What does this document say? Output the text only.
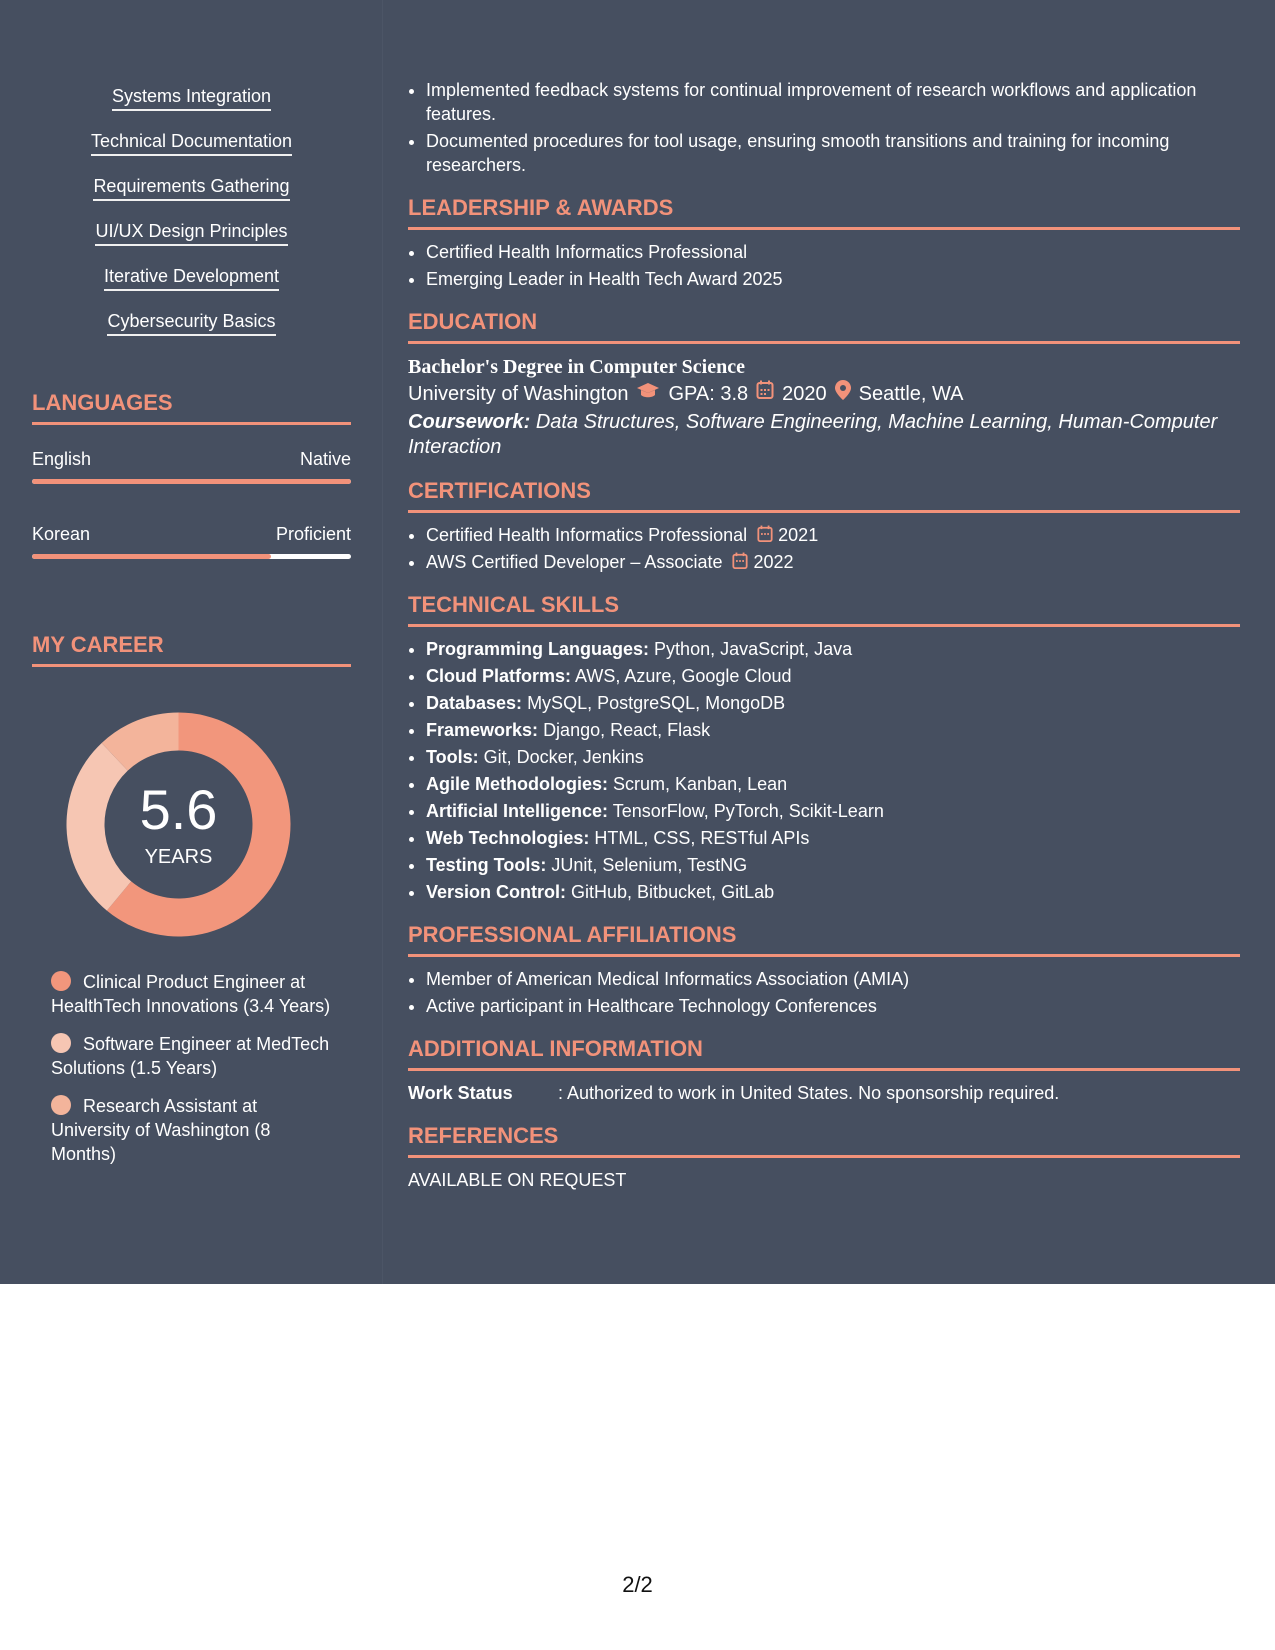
Systems Integration
Technical Documentation
Requirements Gathering
UI/UX Design Principles
Iterative Development
Cybersecurity Basics
LANGUAGES
English	Native
Korean	Proficient
MY CAREER
5.6
YEARS
Clinical Product Engineer at HealthTech Innovations (3.4 Years)
Software Engineer at MedTech Solutions (1.5 Years)
Research Assistant at University of Washington (8 Months)
• Implemented feedback systems for continual improvement of research workflows and application features.
• Documented procedures for tool usage, ensuring smooth transitions and training for incoming researchers.
LEADERSHIP & AWARDS
• Certified Health Informatics Professional
• Emerging Leader in Health Tech Award 2025
EDUCATION
Bachelor's Degree in Computer Science
University of Washington GPA: 3.8 2020 Seattle, WA
Coursework: Data Structures, Software Engineering, Machine Learning, Human-Computer Interaction
CERTIFICATIONS
• Certified Health Informatics Professional 2021
• AWS Certified Developer – Associate 2022
TECHNICAL SKILLS
• Programming Languages: Python, JavaScript, Java
• Cloud Platforms: AWS, Azure, Google Cloud
• Databases: MySQL, PostgreSQL, MongoDB
• Frameworks: Django, React, Flask
• Tools: Git, Docker, Jenkins
• Agile Methodologies: Scrum, Kanban, Lean
• Artificial Intelligence: TensorFlow, PyTorch, Scikit-Learn
• Web Technologies: HTML, CSS, RESTful APIs
• Testing Tools: JUnit, Selenium, TestNG
• Version Control: GitHub, Bitbucket, GitLab
PROFESSIONAL AFFILIATIONS
• Member of American Medical Informatics Association (AMIA)
• Active participant in Healthcare Technology Conferences
ADDITIONAL INFORMATION
Work Status	: Authorized to work in United States. No sponsorship required.
REFERENCES
AVAILABLE ON REQUEST
2/2
